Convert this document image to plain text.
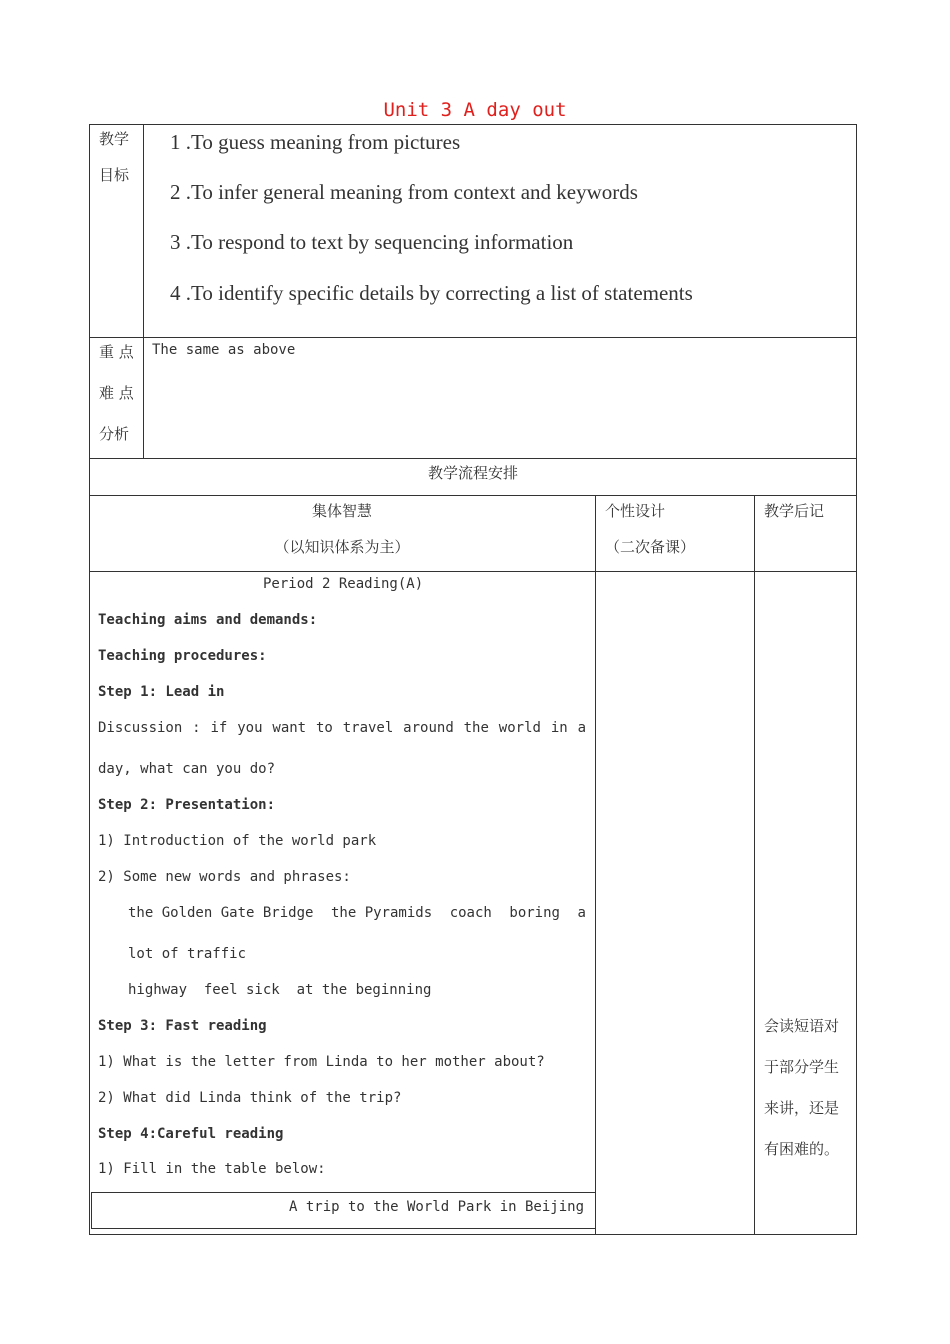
Unit 3 A day out
教学
目标
1 .To guess meaning from pictures
2 .To infer general meaning from context and keywords
3 .To respond to text by sequencing information
4 .To identify specific details by correcting a list of statements
重 点
难 点
分析
The same as above
教学流程安排
集体智慧
（以知识体系为主）
个性设计
（二次备课）
教学后记
Period 2 Reading(A)
Teaching aims and demands:
Teaching procedures:
Step 1: Lead in
Discussion : if you want to travel around the world in a
day, what can you do?
Step 2: Presentation:
1) Introduction of the world park
2) Some new words and phrases:
the Golden Gate Bridge the Pyramids coach boring a
lot of traffic
highway  feel sick  at the beginning
Step 3: Fast reading
1) What is the letter from Linda to her mother about?
2) What did Linda think of the trip?
Step 4:Careful reading
1) Fill in the table below:
A trip to the World Park in Beijing
会读短语对
于部分学生
来讲，还是
有困难的。
